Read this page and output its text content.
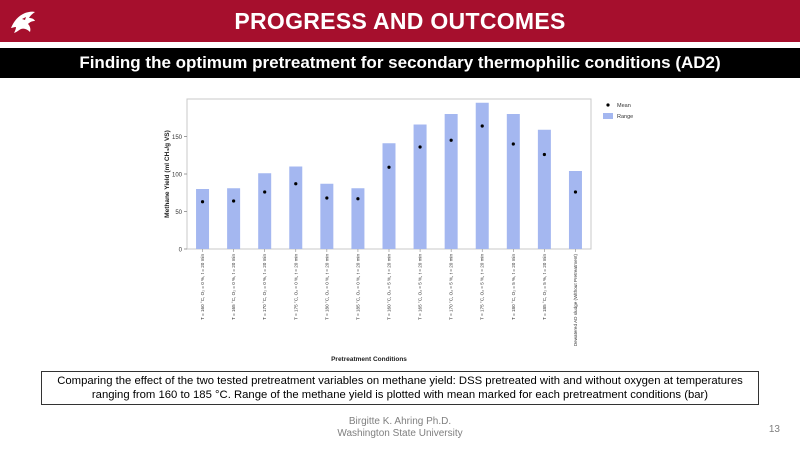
PROGRESS AND OUTCOMES
Finding the optimum pretreatment for secondary thermophilic conditions (AD2)
0
50
100
150
Methane Yield (ml CH₄/g VS)
T = 160 °C, O₂ = 0 %, t = 20 min	T = 165 °C, O₂ = 0 %, t = 20 min	T = 170 °C, O₂ = 0 %, t = 20 min	T = 175 °C, O₂ = 0 %, t = 20 min	T = 180 °C, O₂ = 0 %, t = 20 min	T = 185 °C, O₂ = 0 %, t = 20 min	T = 160 °C, O₂ = 5 %, t = 20 min	T = 165 °C, O₂ = 5 %, t = 20 min	T = 170 °C, O₂ = 5 %, t = 20 min	T = 175 °C, O₂ = 5 %, t = 20 min	T = 180 °C, O₂ = 5 %, t = 20 min	T = 185 °C, O₂ = 5 %, t = 20 min	Dewatered AD sludge (Without Pretreatment)
Pretreatment Conditions
Mean
Range
Comparing the effect of the two tested pretreatment variables on methane yield: DSS pretreated with and without oxygen at temperatures ranging from 160 to 185 °C. Range of the methane yield is plotted with mean marked for each pretreatment conditions (bar)
Birgitte K. Ahring Ph.D.
Washington State University	13
